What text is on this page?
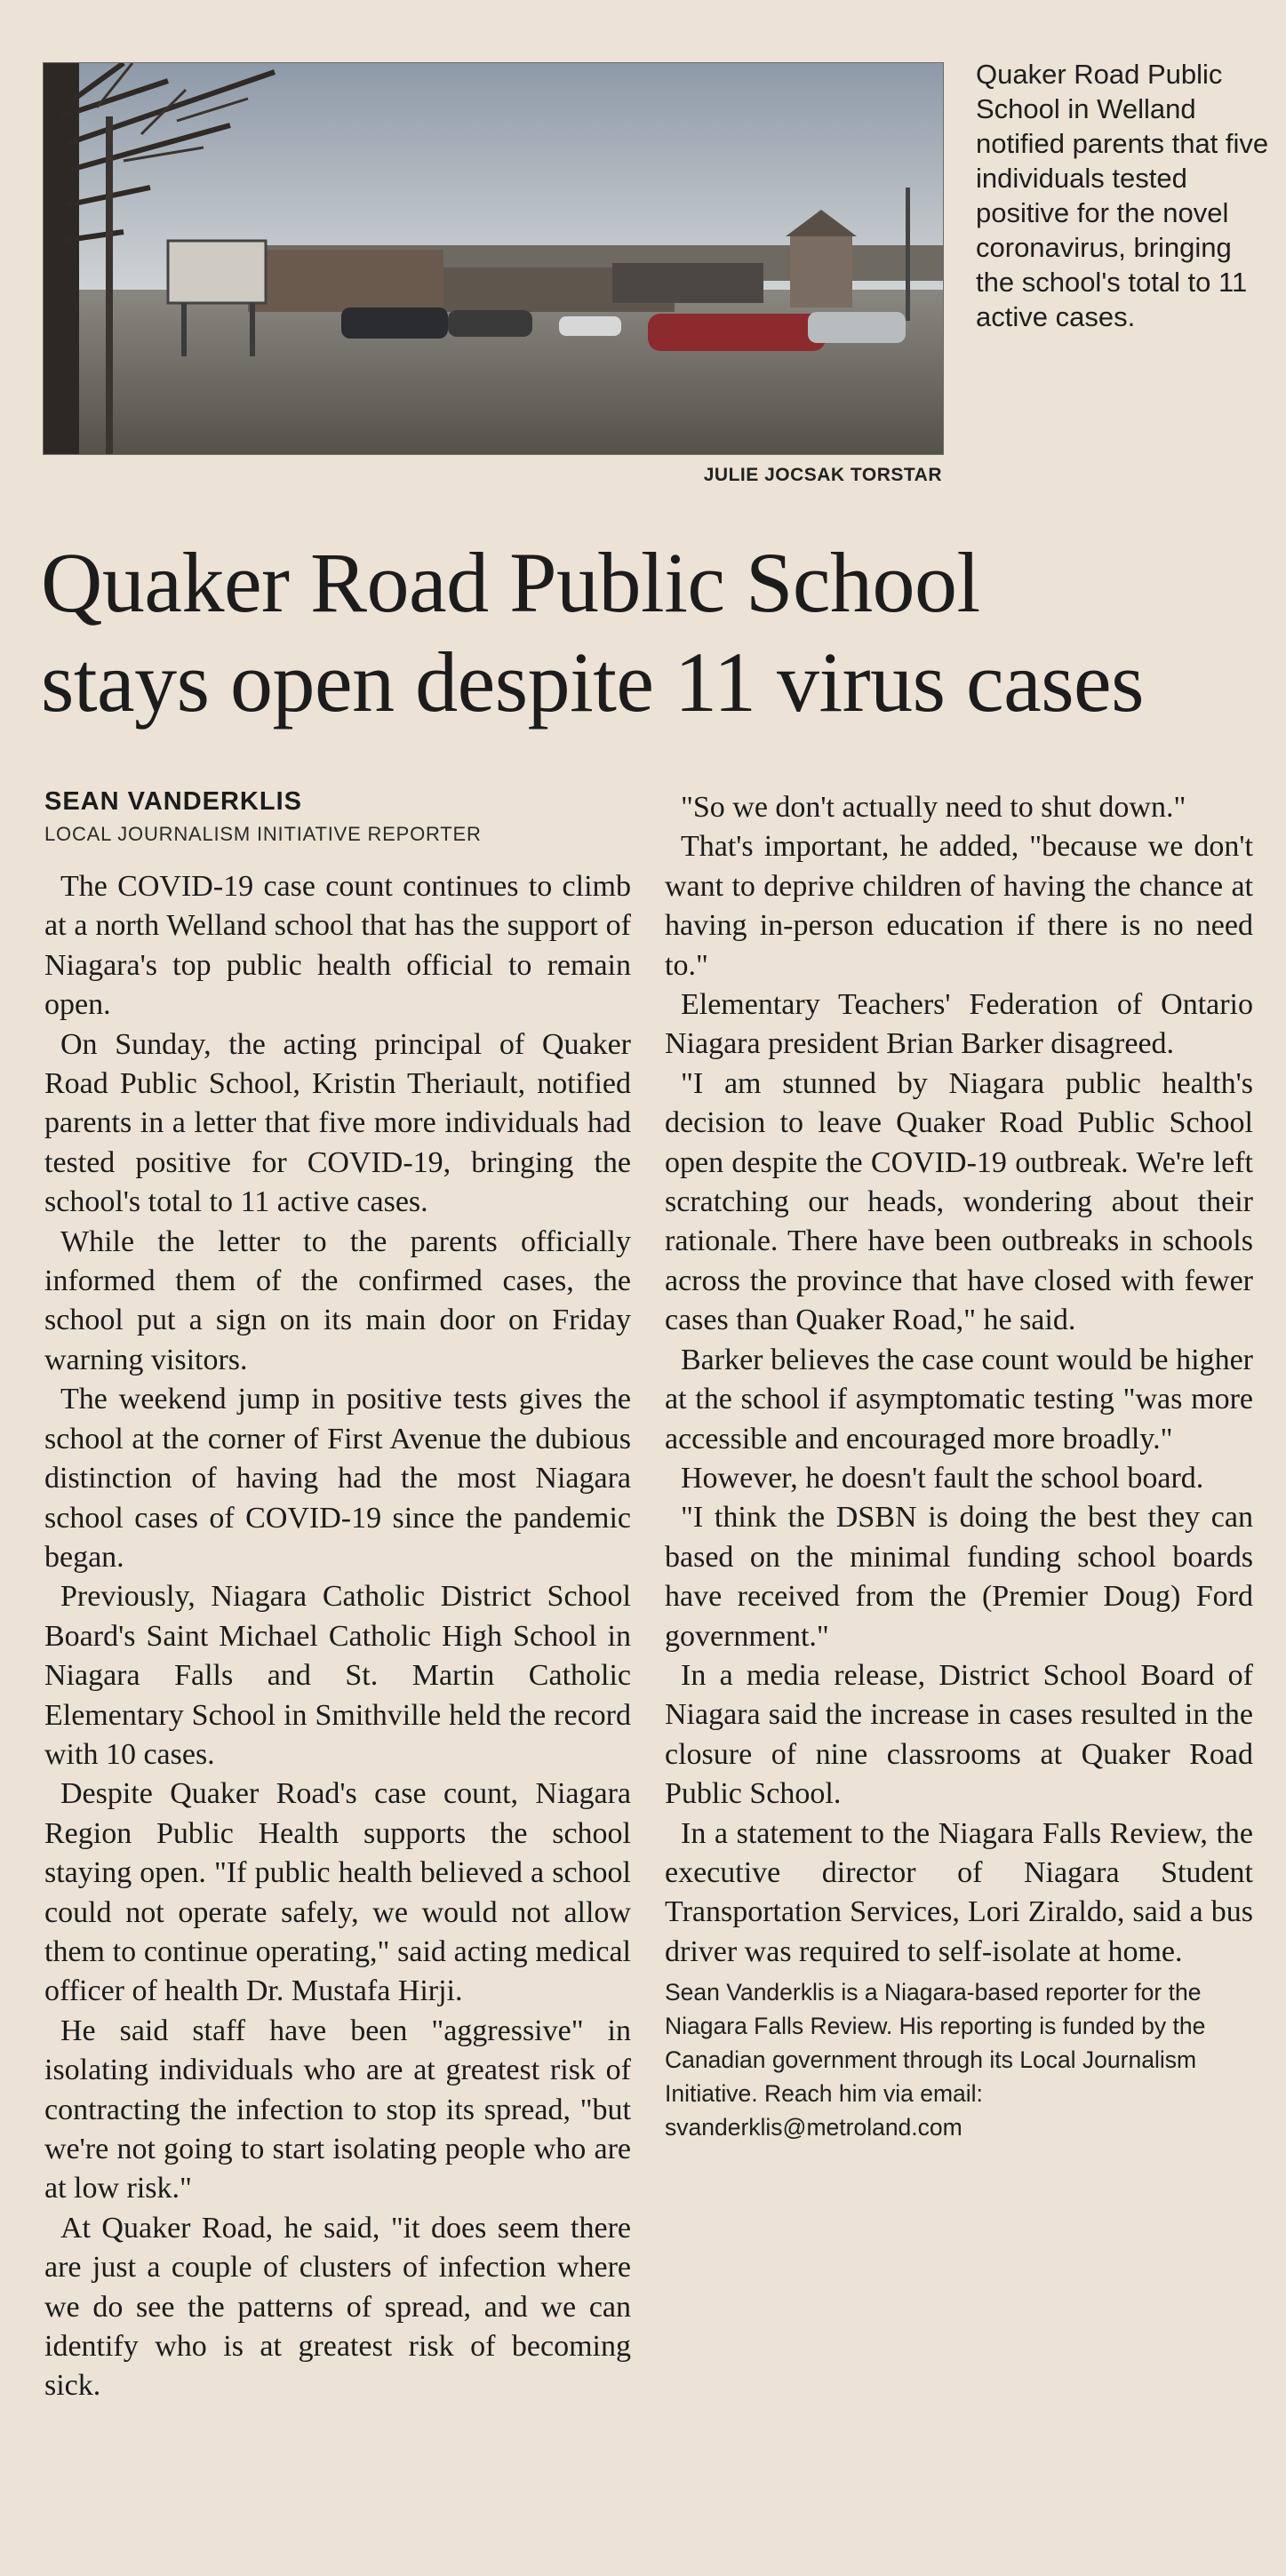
JULIE JOCSAK TORSTAR
Quaker Road Public School in Welland notified parents that five individuals tested positive for the novel coronavirus, bringing the school's total to 11 active cases.
Quaker Road Public School
stays open despite 11 virus cases
SEAN VANDERKLIS
LOCAL JOURNALISM INITIATIVE REPORTER

The COVID-19 case count continues to climb at a north Welland school that has the support of Niagara's top public health official to remain open.

On Sunday, the acting principal of Quaker Road Public School, Kristin Theriault, notified parents in a letter that five more individuals had tested positive for COVID-19, bringing the school's total to 11 active cases.

While the letter to the parents officially informed them of the confirmed cases, the school put a sign on its main door on Friday warning visitors.

The weekend jump in positive tests gives the school at the corner of First Avenue the dubious distinction of having had the most Niagara school cases of COVID-19 since the pandemic began.

Previously, Niagara Catholic District School Board's Saint Michael Catholic High School in Niagara Falls and St. Martin Catholic Elementary School in Smithville held the record with 10 cases.

Despite Quaker Road's case count, Niagara Region Public Health supports the school staying open. "If public health believed a school could not operate safely, we would not allow them to continue operating," said acting medical officer of health Dr. Mustafa Hirji.

He said staff have been "aggressive" in isolating individuals who are at greatest risk of contracting the infection to stop its spread, "but we're not going to start isolating people who are at low risk."

At Quaker Road, he said, "it does seem there are just a couple of clusters of infection where we do see the patterns of spread, and we can identify who is at greatest risk of becoming sick.

"So we don't actually need to shut down."

That's important, he added, "because we don't want to deprive children of having the chance at having in-person education if there is no need to."

Elementary Teachers' Federation of Ontario Niagara president Brian Barker disagreed.

"I am stunned by Niagara public health's decision to leave Quaker Road Public School open despite the COVID-19 outbreak. We're left scratching our heads, wondering about their rationale. There have been outbreaks in schools across the province that have closed with fewer cases than Quaker Road," he said.

Barker believes the case count would be higher at the school if asymptomatic testing "was more accessible and encouraged more broadly."

However, he doesn't fault the school board.

"I think the DSBN is doing the best they can based on the minimal funding school boards have received from the (Premier Doug) Ford government."

In a media release, District School Board of Niagara said the increase in cases resulted in the closure of nine classrooms at Quaker Road Public School.

In a statement to the Niagara Falls Review, the executive director of Niagara Student Transportation Services, Lori Ziraldo, said a bus driver was required to self-isolate at home.

Sean Vanderklis is a Niagara-based reporter for the Niagara Falls Review. His reporting is funded by the Canadian government through its Local Journalism Initiative. Reach him via email: svanderklis@metroland.com
